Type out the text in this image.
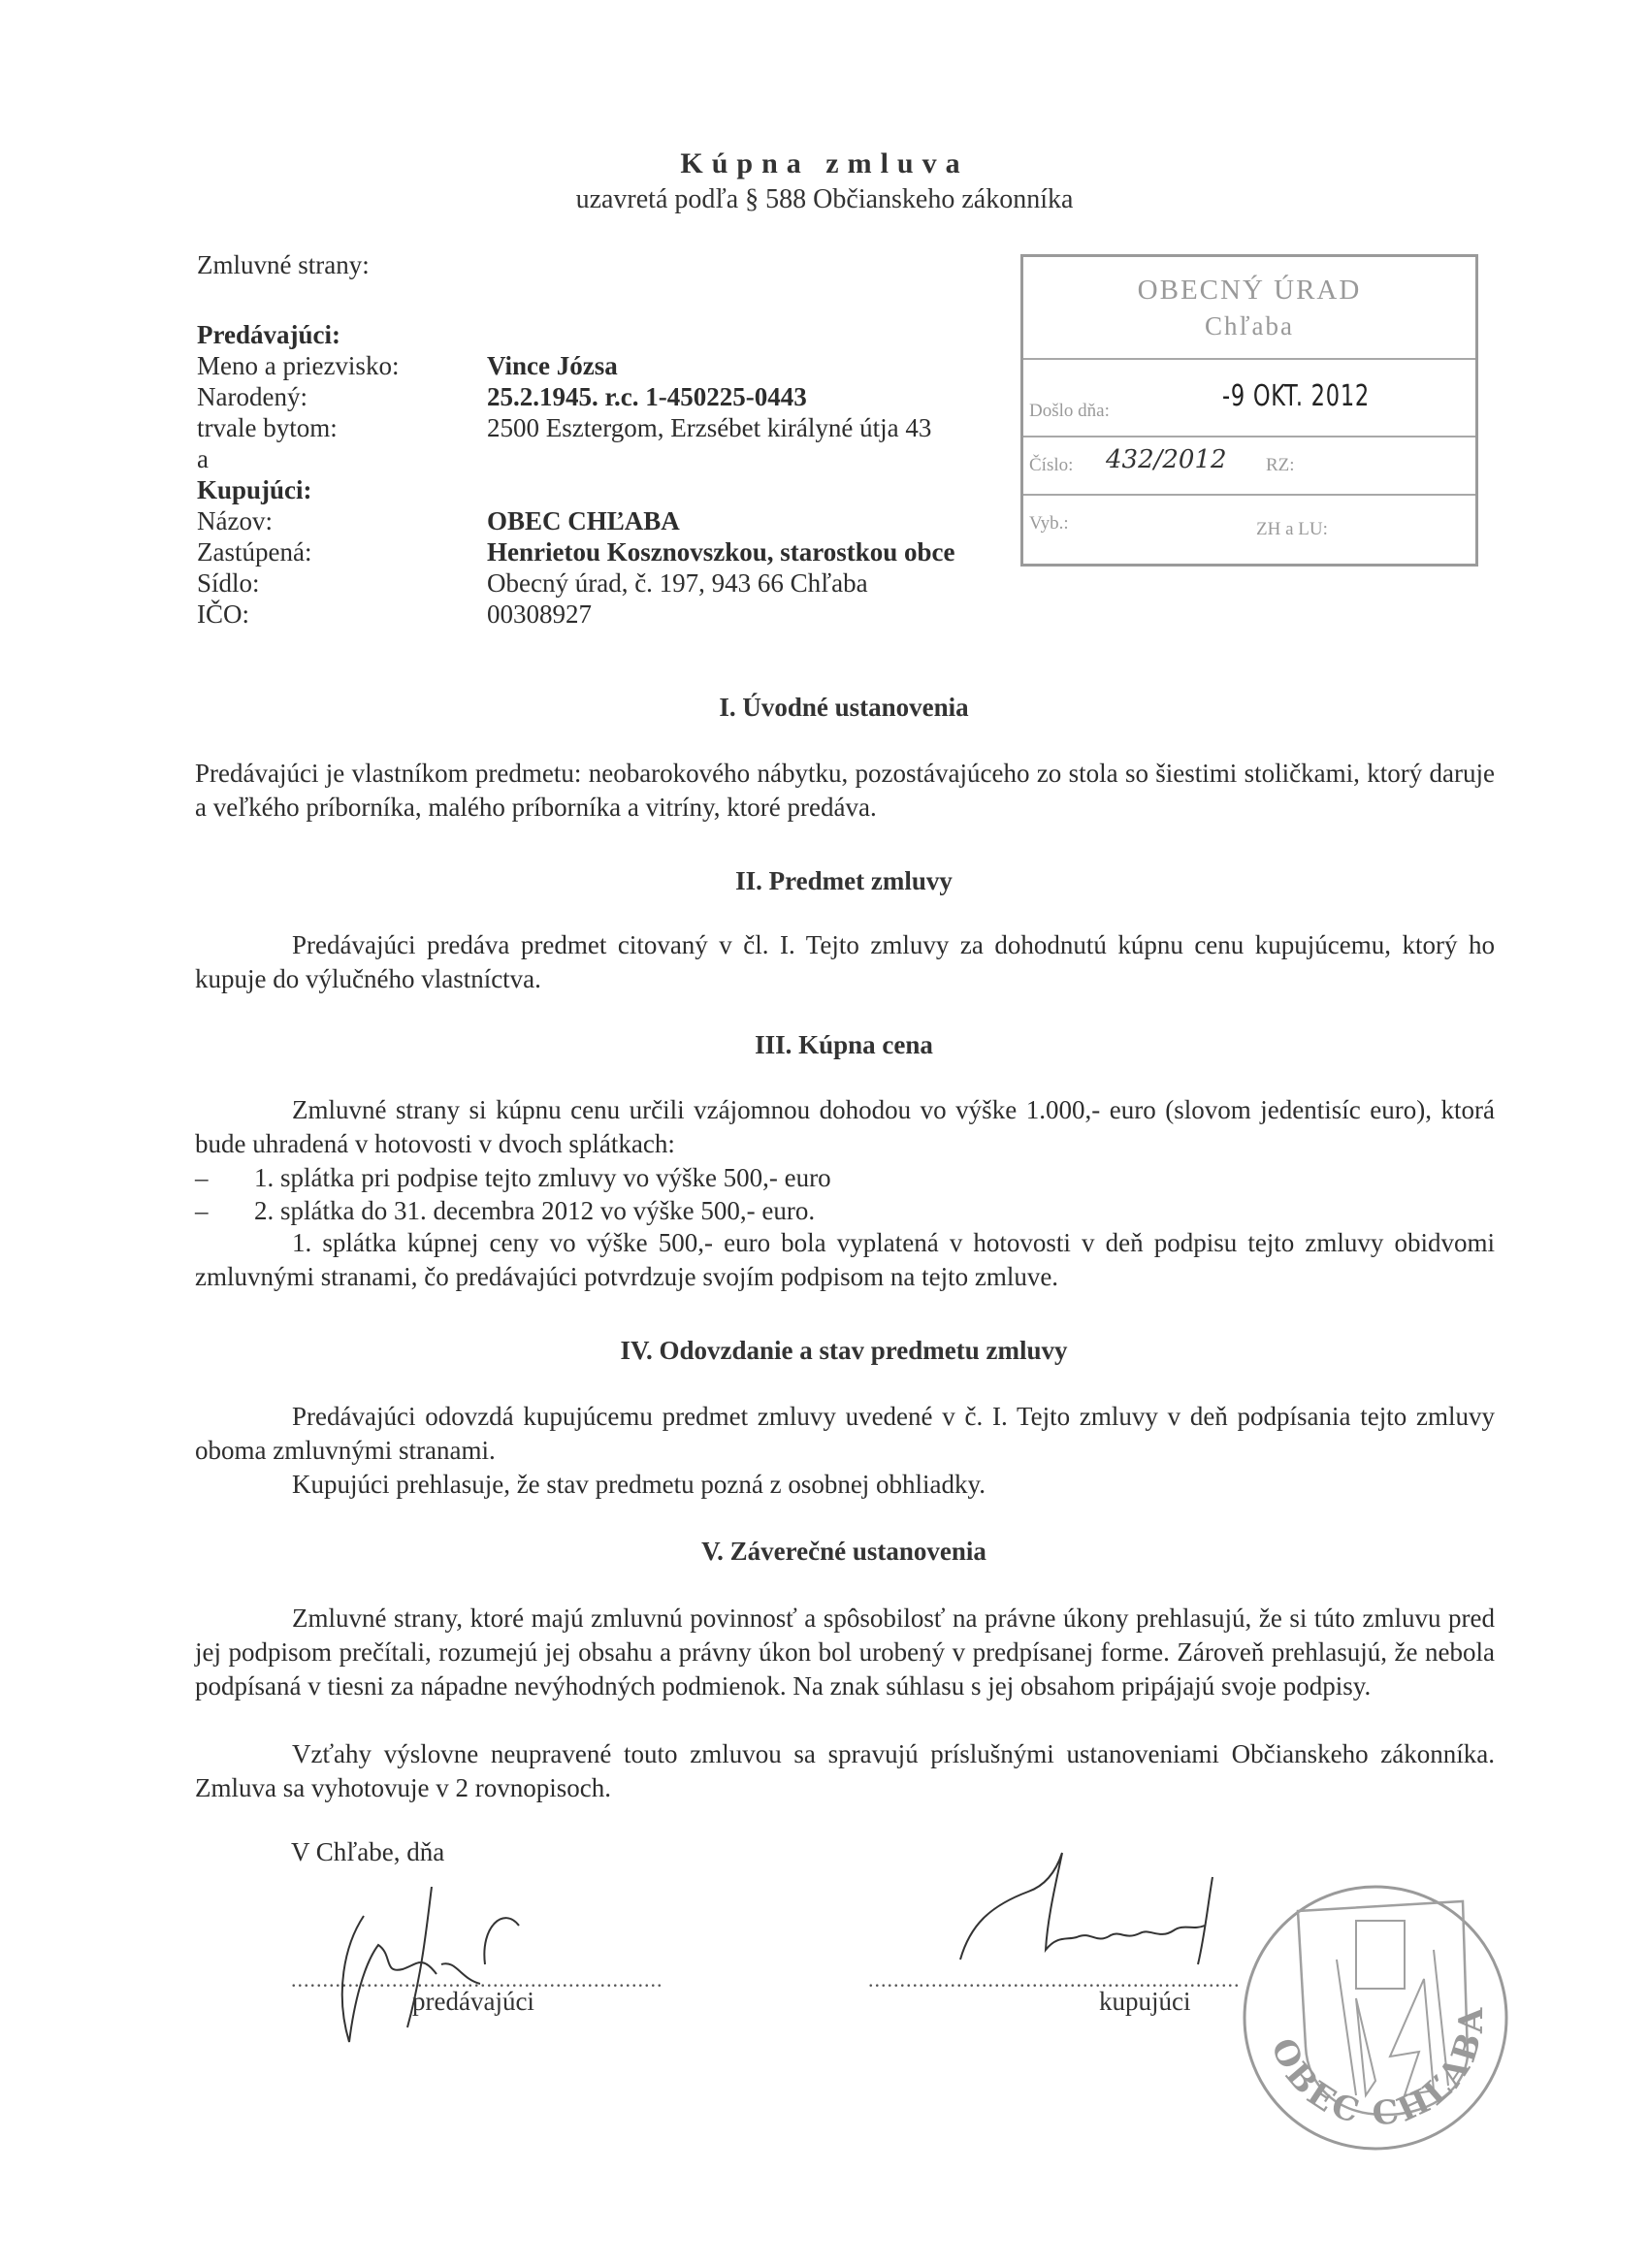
Kúpna zmluva
uzavretá podľa § 588 Občianskeho zákonníka
Zmluvné strany:
Predávajúci:
Meno a priezvisko:	Vince Józsa
Narodený:	25.2.1945. r.c. 1-450225-0443
trvale bytom:	2500 Esztergom, Erzsébet királyné útja 43
a
Kupujúci:
Názov:	OBEC CHĽABA
Zastúpená:	Henrietou Kosznovszkou, starostkou obce
Sídlo:	Obecný úrad, č. 197, 943 66 Chľaba
IČO:	00308927
OBECNÝ ÚRAD
Chľaba
Došlo dňa:	-9 OKT. 2012
Číslo: 432/2012 RZ:
Vyb.:	ZH a LU:
I. Úvodné ustanovenia
Predávajúci je vlastníkom predmetu: neobarokového nábytku, pozostávajúceho zo stola so šiestimi stoličkami, ktorý daruje a veľkého príborníka, malého príborníka a vitríny, ktoré predáva.
II. Predmet zmluvy
Predávajúci predáva predmet citovaný v čl. I. Tejto zmluvy za dohodnutú kúpnu cenu kupujúcemu, ktorý ho kupuje do výlučného vlastníctva.
III. Kúpna cena
Zmluvné strany si kúpnu cenu určili vzájomnou dohodou vo výške 1.000,- euro (slovom jedentisíc euro), ktorá bude uhradená v hotovosti v dvoch splátkach:
– 1. splátka pri podpise tejto zmluvy vo výške 500,- euro
– 2. splátka do 31. decembra 2012 vo výške 500,- euro.
1. splátka kúpnej ceny vo výške 500,- euro bola vyplatená v hotovosti v deň podpisu tejto zmluvy obidvomi zmluvnými stranami, čo predávajúci potvrdzuje svojím podpisom na tejto zmluve.
IV. Odovzdanie a stav predmetu zmluvy
Predávajúci odovzdá kupujúcemu predmet zmluvy uvedené v č. I. Tejto zmluvy v deň podpísania tejto zmluvy oboma zmluvnými stranami.
Kupujúci prehlasuje, že stav predmetu pozná z osobnej obhliadky.
V. Záverečné ustanovenia
Zmluvné strany, ktoré majú zmluvnú povinnosť a spôsobilosť na právne úkony prehlasujú, že si túto zmluvu pred jej podpisom prečítali, rozumejú jej obsahu a právny úkon bol urobený v predpísanej forme. Zároveň prehlasujú, že nebola podpísaná v tiesni za nápadne nevýhodných podmienok. Na znak súhlasu s jej obsahom pripájajú svoje podpisy.
Vzťahy výslovne neupravené touto zmluvou sa spravujú príslušnými ustanoveniami Občianskeho zákonníka. Zmluva sa vyhotovuje v 2 rovnopisoch.
V Chľabe, dňa
...........................................................
predávajúci
...........................................................
kupujúci
OBEC CHĽABA
